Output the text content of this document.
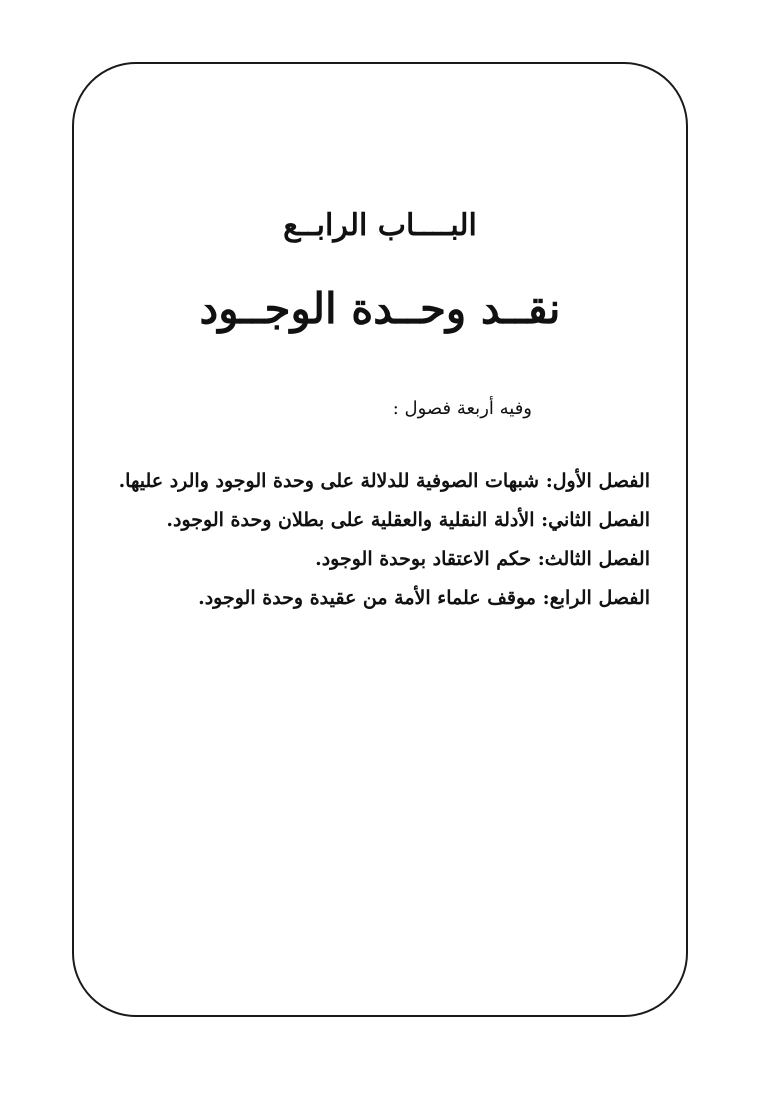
البــــاب الرابــع
نقــد وحــدة الوجــود

وفيه أربعة فصول :

الفصل الأول: شبهات الصوفية للدلالة على وحدة الوجود والرد عليها.
الفصل الثاني: الأدلة النقلية والعقلية على بطلان وحدة الوجود.
الفصل الثالث: حكم الاعتقاد بوحدة الوجود.
الفصل الرابع: موقف علماء الأمة من عقيدة وحدة الوجود.
